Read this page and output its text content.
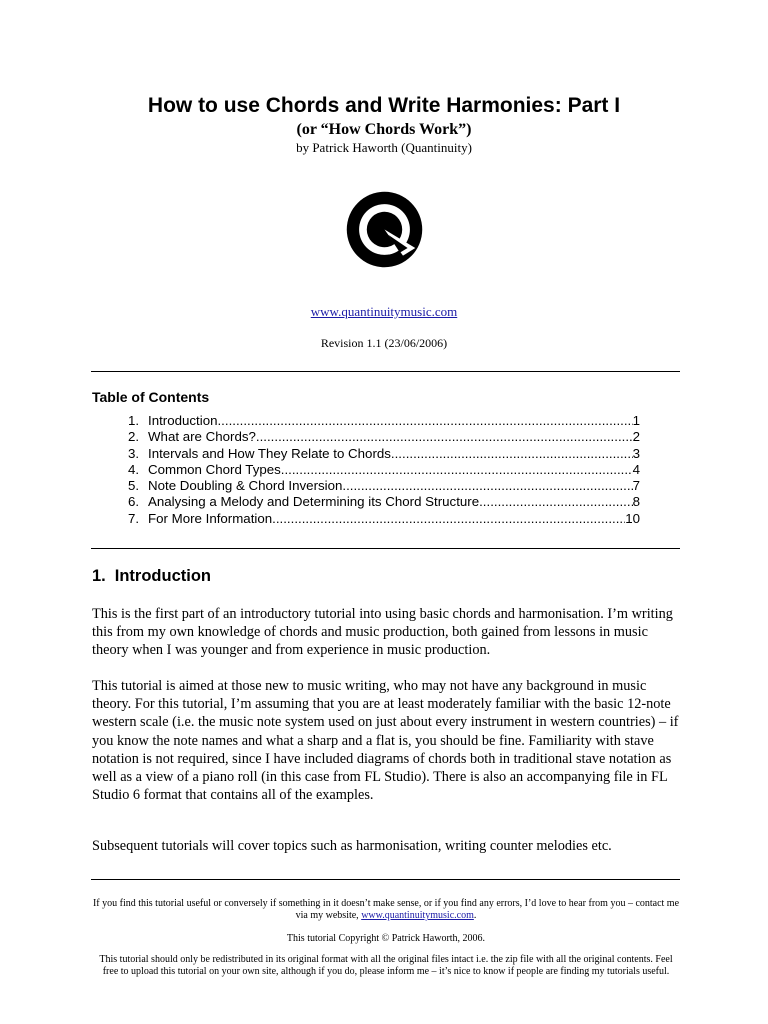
How to use Chords and Write Harmonies: Part I
(or “How Chords Work”)
by Patrick Haworth (Quantinuity)
www.quantinuitymusic.com
Revision 1.1 (23/06/2006)
Table of Contents
1. Introduction .....	1
2. What are Chords? .....	2
3. Intervals and How They Relate to Chords .....	3
4. Common Chord Types .....	4
5. Note Doubling & Chord Inversion .....	7
6. Analysing a Melody and Determining its Chord Structure .....	8
7. For More Information .....	10
1. Introduction
This is the first part of an introductory tutorial into using basic chords and harmonisation. I’m writing this from my own knowledge of chords and music production, both gained from lessons in music theory when I was younger and from experience in music production.
This tutorial is aimed at those new to music writing, who may not have any background in music theory. For this tutorial, I’m assuming that you are at least moderately familiar with the basic 12-note western scale (i.e. the music note system used on just about every instrument in western countries) – if you know the note names and what a sharp and a flat is, you should be fine. Familiarity with stave notation is not required, since I have included diagrams of chords both in traditional stave notation as well as a view of a piano roll (in this case from FL Studio). There is also an accompanying file in FL Studio 6 format that contains all of the examples.
Subsequent tutorials will cover topics such as harmonisation, writing counter melodies etc.
If you find this tutorial useful or conversely if something in it doesn’t make sense, or if you find any errors, I’d love to hear from you – contact me via my website, www.quantinuitymusic.com.
This tutorial Copyright © Patrick Haworth, 2006.
This tutorial should only be redistributed in its original format with all the original files intact i.e. the zip file with all the original contents. Feel free to upload this tutorial on your own site, although if you do, please inform me – it’s nice to know if people are finding my tutorials useful.
